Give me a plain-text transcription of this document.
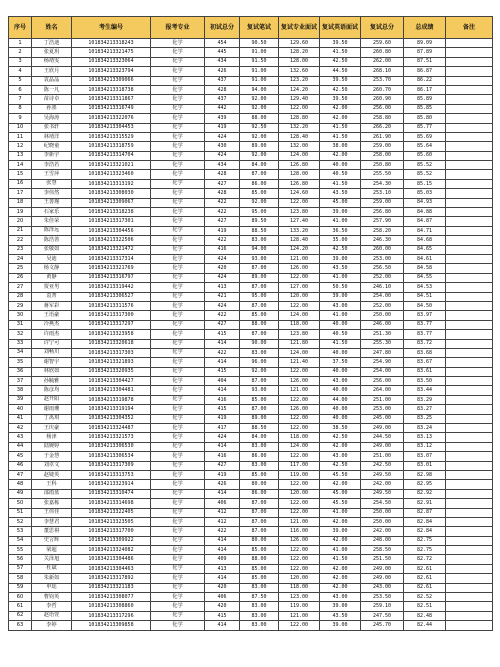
序号	姓名	考生编号	报考专业	初试总分	复试笔试	复试专业面试	复试英语面试	复试总分	总成绩	备注
1	丁浩迪	101834213318243	化学	454	90.50	129.60	39.50	259.60	89.09	
2	张夏玥	101834213321475	化学	445	91.00	128.20	41.50	260.80	87.89	
3	杨靖雯	101834213323064	化学	434	91.50	128.00	42.50	262.00	87.51	
4	王欣月	101834213323794	化学	426	91.00	132.60	44.50	268.10	86.87	
5	袁晶晶	101834213309066	化学	437	91.00	123.20	39.50	253.70	86.22	
6	陈一凡	101834213318738	化学	428	94.00	124.20	42.50	260.70	86.17	
7	苗诗卓	101834213311867	化学	437	92.00	129.40	39.50	260.90	85.89	
8	孙墨	101834213316749	化学	442	92.00	122.00	42.00	256.00	85.85	
9	吴海涛	101834213322076	化学	439	88.00	128.80	42.00	258.80	85.80	
10	张书轩	101834213304453	化学	419	92.50	132.20	41.50	266.20	85.77	
11	林靖洋	101834213315529	化学	424	92.00	128.40	41.50	261.90	85.69	
12	纪晓童	101834213318759	化学	430	89.00	132.00	38.00	259.00	85.64	
13	李新宇	101834213314704	化学	424	92.00	124.00	42.00	258.00	85.60	
14	李浩若	101834213321021	化学	434	84.00	126.80	40.00	250.80	85.52	
15	王雪萍	101834213323460	化学	428	87.00	128.00	40.50	255.50	85.52	
16	张慧	101834213313192	化学	427	86.00	126.80	41.50	254.30	85.15	
17	李伟然	101834213308030	化学	428	85.00	124.60	43.50	253.10	85.03	
18	王善瑾	101834213309067	化学	422	92.00	122.00	45.00	259.00	84.93	
19	石家乐	101834213318238	化学	422	95.00	123.80	39.00	256.80	84.88	
20	朱佳荣	101834213317301	化学	427	89.50	127.40	41.00	257.90	84.87	
21	陈泽远	101834213304456	化学	419	88.50	133.20	36.50	258.20	84.71	
22	陈浩善	101834213322506	化学	422	83.00	128.40	35.00	246.30	84.68	
23	张敬如	101834213321472	化学	416	94.00	124.20	42.50	260.00	84.65	
24	吴迪	101834213317314	化学	424	93.00	121.00	39.00	253.00	84.61	
25	杨文静	101834213321769	化学	420	87.00	126.00	43.50	256.50	84.58	
26	黄静	101834213316797	化学	424	89.00	122.00	41.00	252.00	84.55	
27	贾亚男	101834213319442	化学	413	87.00	127.00	50.50	246.10	84.53	
28	袁菁	101834213306527	化学	421	95.00	120.00	39.00	254.00	84.51	
29	蒋军彩	101834213311576	化学	424	87.00	122.00	43.00	252.00	84.50	
30	王语豪	101834213317300	化学	422	85.00	124.00	41.00	250.00	83.97	
31	冷燕杰	101834213317297	化学	427	88.00	118.00	40.00	246.00	83.77	
32	许雨杰	101834213323958	化学	415	87.00	123.80	40.50	251.30	83.77	
33	许宁可	101834213320618	化学	414	90.00	121.80	41.50	255.30	83.72	
34	刘畅川	101834213317303	化学	422	83.00	124.00	40.00	247.80	83.68	
35	谢智宇	101834213321893	化学	414	96.00	121.40	37.50	254.90	83.67	
36	林欣如	101834213320935	化学	415	92.00	122.00	40.00	254.00	83.61	
37	孙毓雅	101834213304427	化学	404	87.00	126.00	43.00	256.00	83.50	
38	陈彦均	101834213304481	化学	414	93.00	121.00	40.00	264.00	83.44	
39	赵开阳	101834213319878	化学	416	85.00	122.00	44.00	251.00	83.29	
40	谢雨珊	101834213319194	化学	415	87.00	126.00	40.00	253.00	83.27	
41	丁禹琪	101834213304352	化学	419	89.00	122.00	40.00	245.00	83.25	
42	王庆豪	101834213324487	化学	417	88.50	122.00	38.50	249.00	83.24	
43	杨津	101834213321573	化学	424	84.00	118.00	42.50	244.50	83.13	
44	陆婉婷	101834213306530	化学	414	83.00	124.00	42.00	249.00	83.12	
45	于金慧	101834213306534	化学	416	86.00	122.00	43.00	251.00	83.07	
46	刘卓文	101834213317309	化学	427	83.00	117.00	42.50	242.50	83.01	
47	赵婕英	101834213313753	化学	419	85.00	119.00	45.50	249.50	82.98	
48	王科	101834213323914	化学	426	80.00	122.00	42.00	242.00	82.95	
49	邵雨蓝	101834213310474	化学	414	86.00	120.00	45.00	249.50	82.92	
50	张嘉栋	101834213314698	化学	406	87.00	122.00	45.50	254.50	82.91	
51	王伟佳	101834213322405	化学	412	87.00	122.00	41.00	250.00	82.87	
52	李慧君	101834213323505	化学	412	87.00	121.00	42.00	250.00	82.84	
53	董思祺	101834213317700	化学	422	87.00	116.00	39.00	242.00	82.84	
54	史言辉	101834213309922	化学	414	80.00	126.00	42.00	248.00	82.75	
55	梁超	101834213324082	化学	414	85.00	122.00	41.00	258.50	82.75	
56	关泽旭	101834213304486	化学	409	88.00	122.00	41.50	251.50	82.72	
57	杜斌	101834213304463	化学	413	85.00	122.00	42.00	249.00	82.61	
58	朱新如	101834213317892	化学	414	85.00	120.00	42.00	249.00	82.61	
59	申瑶	101834213321183	化学	420	83.00	118.00	42.00	243.00	82.61	
60	曹钧英	101834213308077	化学	406	87.50	123.00	43.00	253.50	82.52	
61	李哲	101834213308860	化学	420	83.00	119.00	39.00	259.10	82.51	
62	赵语萱	101834213317296	化学	415	83.00	121.00	43.50	247.50	82.48	
63	李婷	101834213309858	化学	414	83.00	122.00	39.00	245.70	82.44	
